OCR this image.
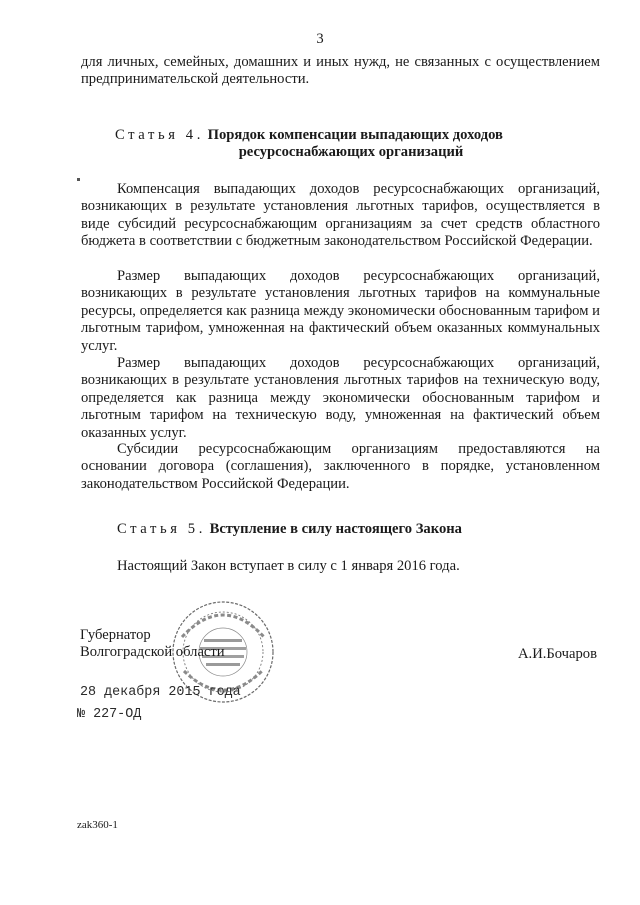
3
для личных, семейных, домашних и иных нужд, не связанных с осуществлением предпринимательской деятельности.
Статья 4. Порядок компенсации выпадающих доходов
ресурсоснабжающих организаций
Компенсация выпадающих доходов ресурсоснабжающих организаций, возникающих в результате установления льготных тарифов, осуществляется в виде субсидий ресурсоснабжающим организациям за счет средств областного бюджета в соответствии с бюджетным законодательством Российской Федерации.
Размер выпадающих доходов ресурсоснабжающих организаций, возникающих в результате установления льготных тарифов на коммунальные ресурсы, определяется как разница между экономически обоснованным тарифом и льготным тарифом, умноженная на фактический объем оказанных коммунальных услуг.
Размер выпадающих доходов ресурсоснабжающих организаций, возникающих в результате установления льготных тарифов на техническую воду, определяется как разница между экономически обоснованным тарифом и льготным тарифом на техническую воду, умноженная на фактический объем оказанных услуг.
Субсидии ресурсоснабжающим организациям предоставляются на основании договора (соглашения), заключенного в порядке, установленном законодательством Российской Федерации.
Статья 5. Вступление в силу настоящего Закона
Настоящий Закон вступает в силу с 1 января 2016 года.
Губернатор
Волгоградской области	А.И.Бочаров
28 декабря 2015 года
№ 227-ОД
zak360-1
